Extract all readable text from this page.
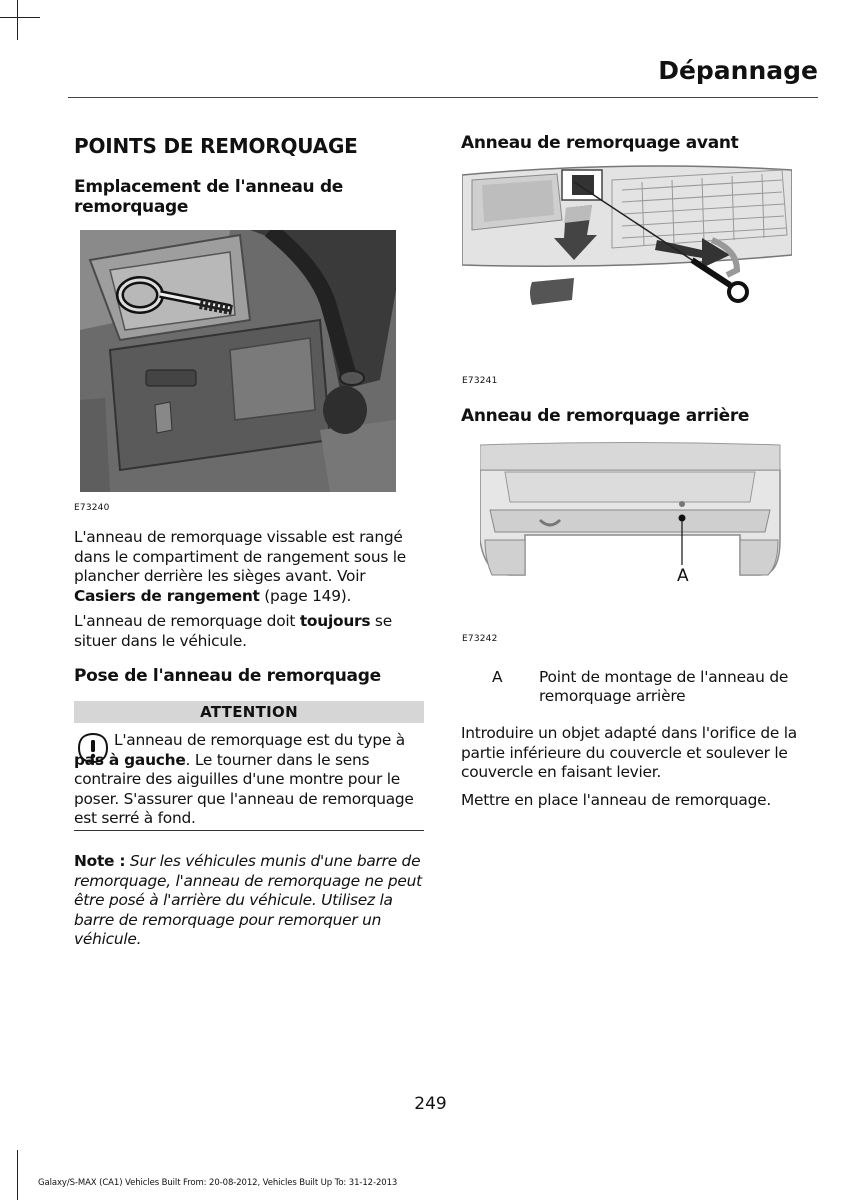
Dépannage
POINTS DE REMORQUAGE
Emplacement de l'anneau de remorquage
E73240

L'anneau de remorquage vissable est rangé dans le compartiment de rangement sous le plancher derrière les sièges avant. Voir Casiers de rangement (page 149).

L'anneau de remorquage doit toujours se situer dans le véhicule.

Pose de l'anneau de remorquage
ATTENTION

L'anneau de remorquage est du type à pas à gauche. Le tourner dans le sens contraire des aiguilles d'une montre pour le poser. S'assurer que l'anneau de remorquage est serré à fond.

Note : Sur les véhicules munis d'une barre de remorquage, l'anneau de remorquage ne peut être posé à l'arrière du véhicule. Utilisez la barre de remorquage pour remorquer un véhicule.

Anneau de remorquage avant
E73241
Anneau de remorquage arrière
A
E73242
A Point de montage de l'anneau de remorquage arrière

Introduire un objet adapté dans l'orifice de la partie inférieure du couvercle et soulever le couvercle en faisant levier.

Mettre en place l'anneau de remorquage.

249
Galaxy/S-MAX (CA1) Vehicles Built From: 20-08-2012, Vehicles Built Up To: 31-12-2013
